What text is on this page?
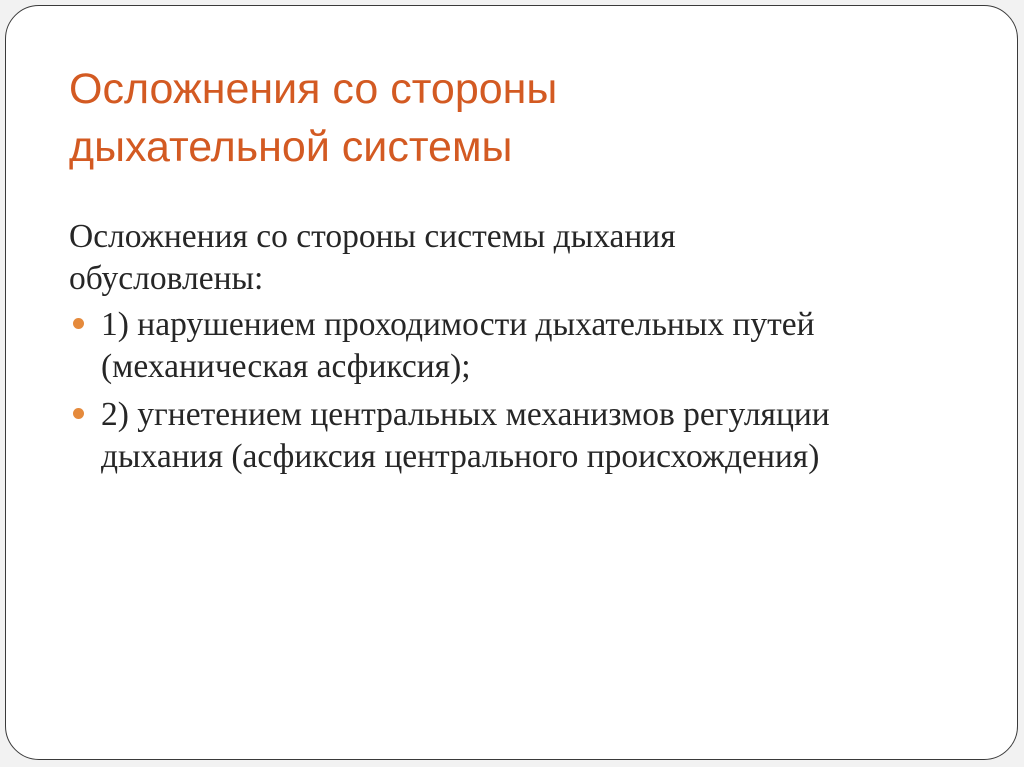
Осложнения со стороны
дыхательной системы
Осложнения со стороны системы дыхания
обусловлены:
1) нарушением проходимости дыхательных путей
(механическая асфиксия);
2) угнетением центральных механизмов регуляции
дыхания (асфиксия центрального происхождения)
